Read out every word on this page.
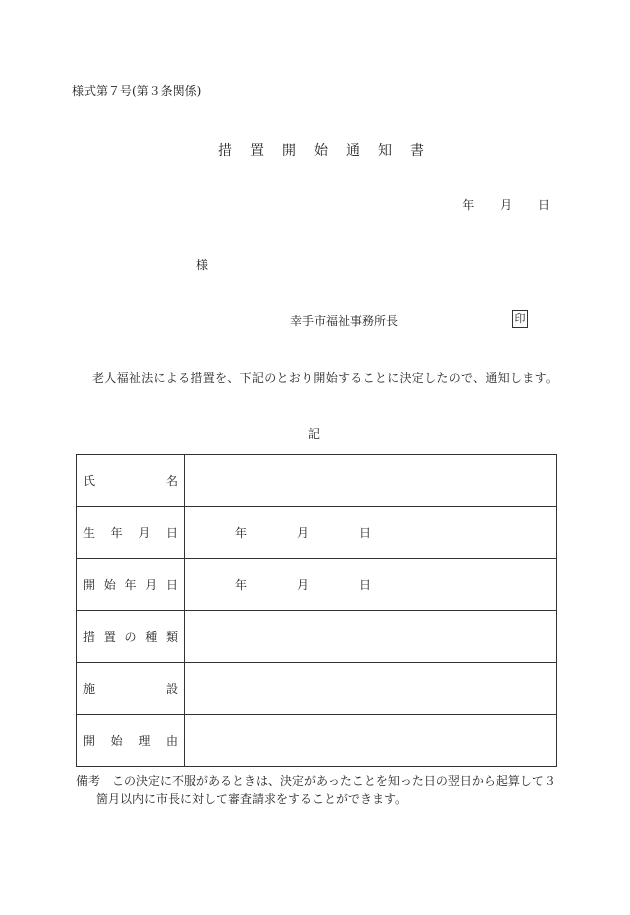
様式第７号(第３条関係)
措置開始通知書
年 月 日
様
幸手市福祉事務所長	印
老人福祉法による措置を、下記のとおり開始することに決定したので、通知します。
記
氏 名	

生 年 月 日	年 月 日

開 始 年 月 日	年 月 日

措 置 の 種 類	

施 設	

開 始 理 由	

備考　この決定に不服があるときは、決定があったことを知った日の翌日から起算して３
箇月以内に市長に対して審査請求をすることができます。
